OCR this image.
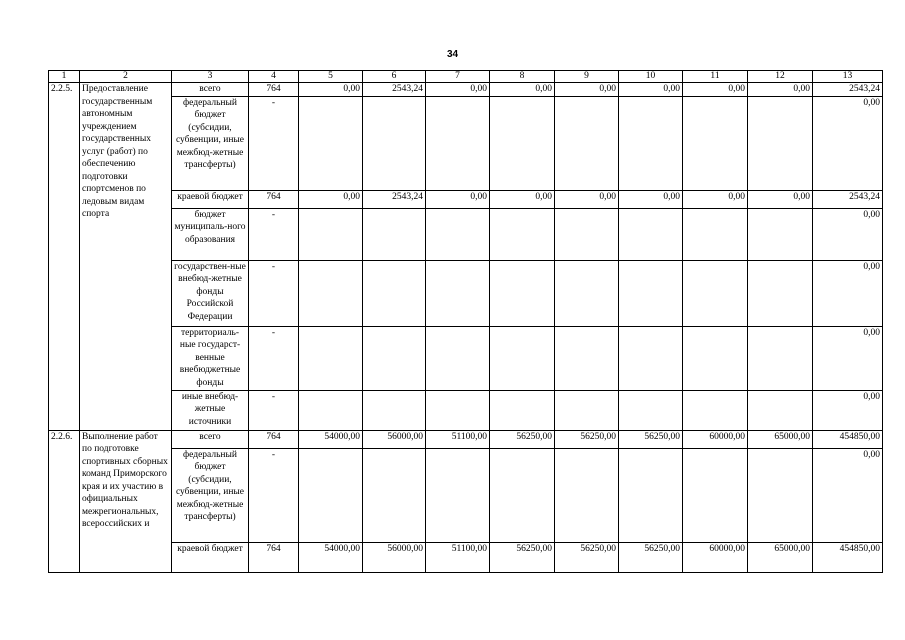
34
1	2	3	4	5	6	7	8	9	10	11	12	13
2.2.5.	Предоставление государственным автономным учреждением государственных услуг (работ) по обеспечению подготовки спортсменов по ледовым видам спорта	всего	764	0,00	2543,24	0,00	0,00	0,00	0,00	0,00	0,00	2543,24
		федеральный бюджет (субсидии, субвенции, иные межбюд-жетные трансферты)	-									0,00
		краевой бюджет	764	0,00	2543,24	0,00	0,00	0,00	0,00	0,00	0,00	2543,24
		бюджет муниципаль-ного образования	-									0,00
		государствен-ные внебюд-жетные фонды Российской Федерации	-									0,00
		территориаль-ные государст-венные внебюджетные фонды	-									0,00
		иные внебюд-жетные источники	-									0,00
2.2.6.	Выполнение работ по подготовке спортивных сборных команд Приморского края и их участию в официальных межрегиональных, всероссийских и	всего	764	54000,00	56000,00	51100,00	56250,00	56250,00	56250,00	60000,00	65000,00	454850,00
		федеральный бюджет (субсидии, субвенции, иные межбюд-жетные трансферты)	-									0,00
		краевой бюджет	764	54000,00	56000,00	51100,00	56250,00	56250,00	56250,00	60000,00	65000,00	454850,00
